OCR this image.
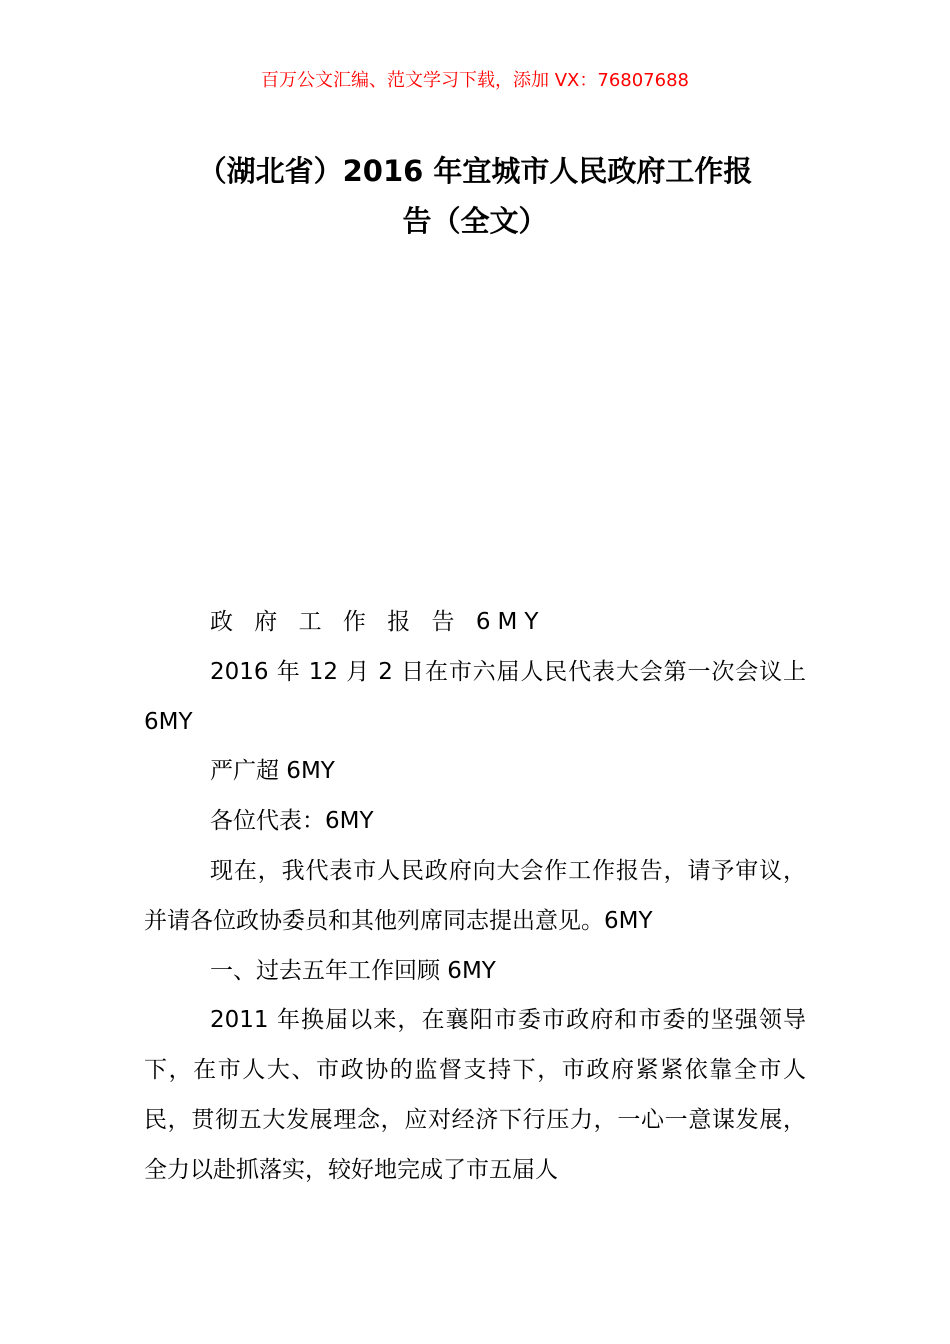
百万公文汇编、范文学习下载，添加 VX：76807688
（湖北省）2016 年宜城市人民政府工作报
告（全文）

政 府 工 作 报 告 6MY

2016 年 12 月 2 日在市六届人民代表大会第一次会议上 6MY

严广超 6MY

各位代表：6MY

现在，我代表市人民政府向大会作工作报告，请予审议，并请各位政协委员和其他列席同志提出意见。6MY

一、过去五年工作回顾 6MY

2011 年换届以来，在襄阳市委市政府和市委的坚强领导下，在市人大、市政协的监督支持下，市政府紧紧依靠全市人民，贯彻五大发展理念，应对经济下行压力，一心一意谋发展，全力以赴抓落实，较好地完成了市五届人
